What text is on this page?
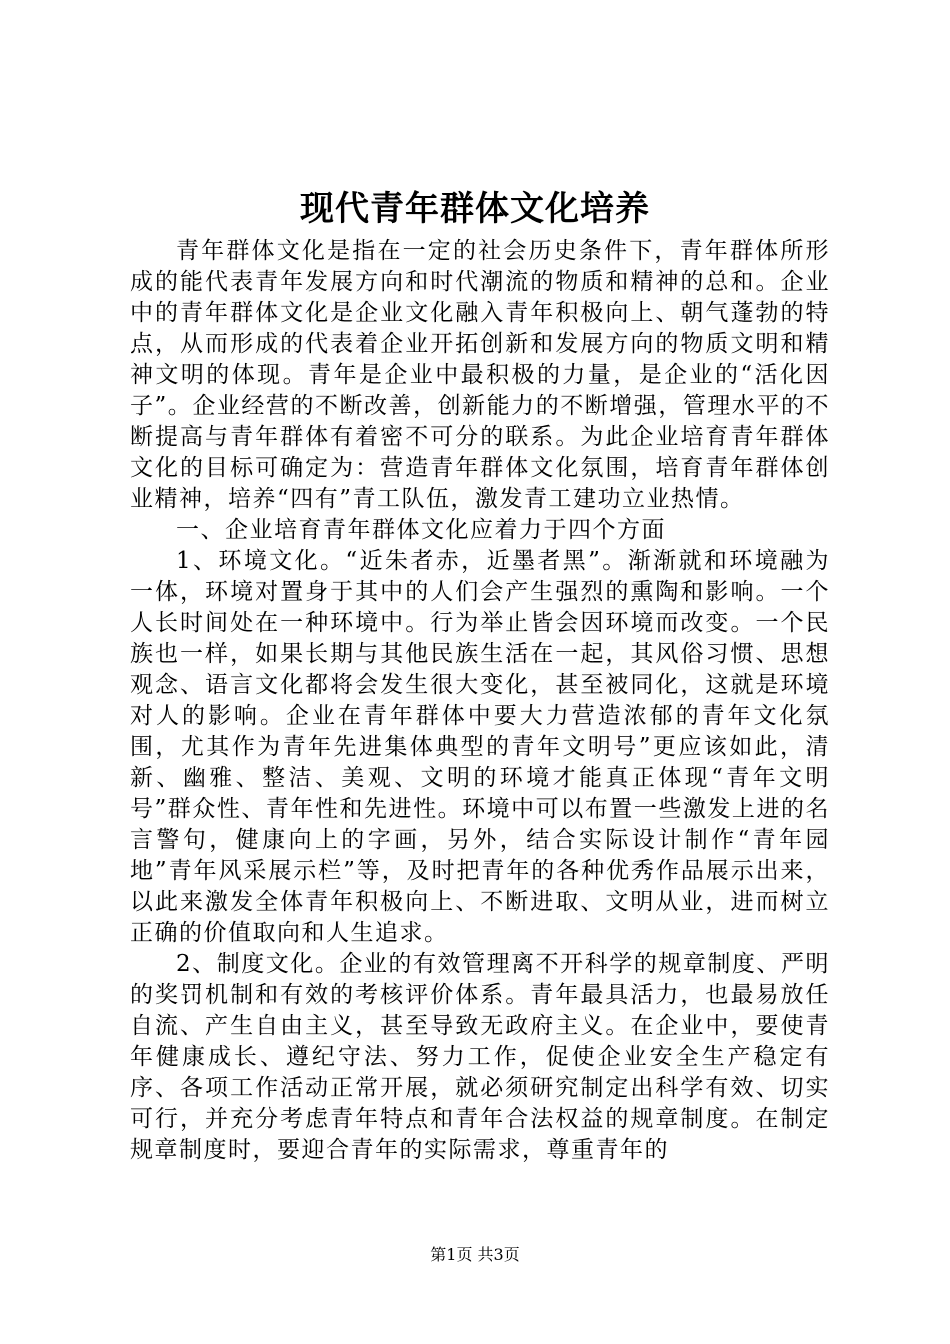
现代青年群体文化培养

青年群体文化是指在一定的社会历史条件下，青年群体所形成的能代表青年发展方向和时代潮流的物质和精神的总和。企业中的青年群体文化是企业文化融入青年积极向上、朝气蓬勃的特点，从而形成的代表着企业开拓创新和发展方向的物质文明和精神文明的体现。青年是企业中最积极的力量，是企业的“活化因子”。企业经营的不断改善，创新能力的不断增强，管理水平的不断提高与青年群体有着密不可分的联系。为此企业培育青年群体文化的目标可确定为：营造青年群体文化氛围，培育青年群体创业精神，培养“四有”青工队伍，激发青工建功立业热情。

一、企业培育青年群体文化应着力于四个方面

1、环境文化。“近朱者赤，近墨者黑”。渐渐就和环境融为一体，环境对置身于其中的人们会产生强烈的熏陶和影响。一个人长时间处在一种环境中。行为举止皆会因环境而改变。一个民族也一样，如果长期与其他民族生活在一起，其风俗习惯、思想观念、语言文化都将会发生很大变化，甚至被同化，这就是环境对人的影响。企业在青年群体中要大力营造浓郁的青年文化氛围，尤其作为青年先进集体典型的青年文明号”更应该如此，清新、幽雅、整洁、美观、文明的环境才能真正体现“青年文明号”群众性、青年性和先进性。环境中可以布置一些激发上进的名言警句，健康向上的字画，另外，结合实际设计制作“青年园地”青年风采展示栏”等，及时把青年的各种优秀作品展示出来，以此来激发全体青年积极向上、不断进取、文明从业，进而树立正确的价值取向和人生追求。

2、制度文化。企业的有效管理离不开科学的规章制度、严明的奖罚机制和有效的考核评价体系。青年最具活力，也最易放任自流、产生自由主义，甚至导致无政府主义。在企业中，要使青年健康成长、遵纪守法、努力工作，促使企业安全生产稳定有序、各项工作活动正常开展，就必须研究制定出科学有效、切实可行，并充分考虑青年特点和青年合法权益的规章制度。在制定规章制度时，要迎合青年的实际需求，尊重青年的

第1页 共3页
